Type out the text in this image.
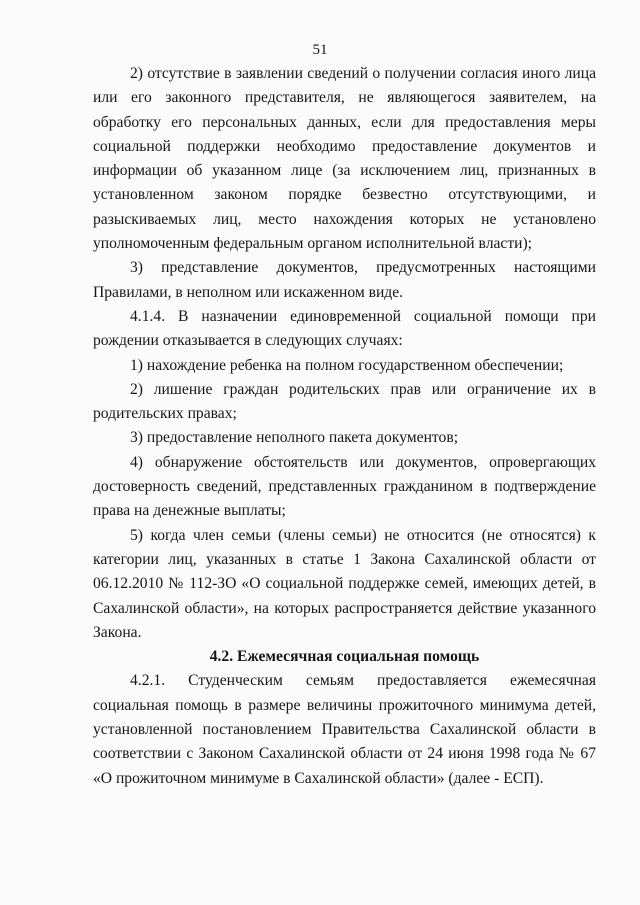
51

2) отсутствие в заявлении сведений о получении согласия иного лица или его законного представителя, не являющегося заявителем, на обработку его персональных данных, если для предоставления меры социальной поддержки необходимо предоставление документов и информации об указанном лице (за исключением лиц, признанных в установленном законом порядке безвестно отсутствующими, и разыскиваемых лиц, место нахождения которых не установлено уполномоченным федеральным органом исполнительной власти);

3) представление документов, предусмотренных настоящими Правилами, в неполном или искаженном виде.

4.1.4. В назначении единовременной социальной помощи при рождении отказывается в следующих случаях:

1) нахождение ребенка на полном государственном обеспечении;

2) лишение граждан родительских прав или ограничение их в родительских правах;

3) предоставление неполного пакета документов;

4) обнаружение обстоятельств или документов, опровергающих достоверность сведений, представленных гражданином в подтверждение права на денежные выплаты;

5) когда член семьи (члены семьи) не относится (не относятся) к категории лиц, указанных в статье 1 Закона Сахалинской области от 06.12.2010 № 112-ЗО «О социальной поддержке семей, имеющих детей, в Сахалинской области», на которых распространяется действие указанного Закона.

4.2. Ежемесячная социальная помощь

4.2.1. Студенческим семьям предоставляется ежемесячная социальная помощь в размере величины прожиточного минимума детей, установленной постановлением Правительства Сахалинской области в соответствии с Законом Сахалинской области от 24 июня 1998 года № 67 «О прожиточном минимуме в Сахалинской области» (далее - ЕСП).
